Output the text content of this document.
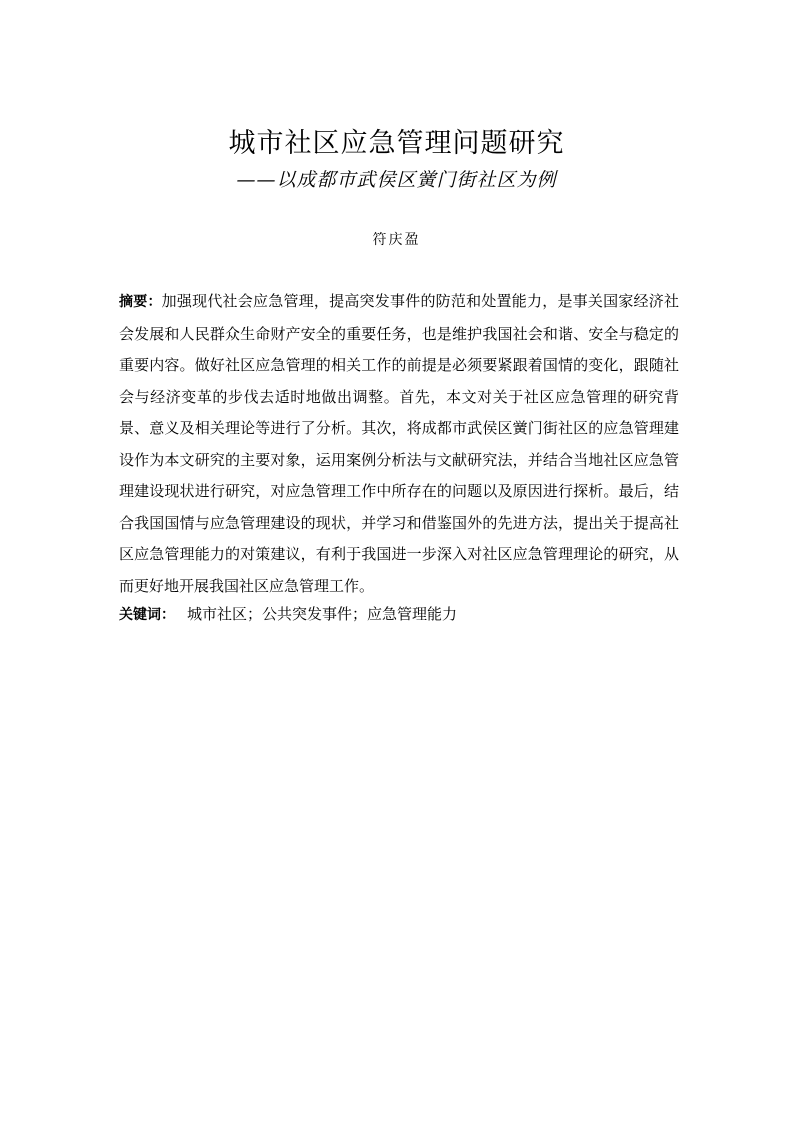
城市社区应急管理问题研究
——以成都市武侯区黉门街社区为例
符庆盈

摘要：加强现代社会应急管理，提高突发事件的防范和处置能力，是事关国家经济社会发展和人民群众生命财产安全的重要任务，也是维护我国社会和谐、安全与稳定的重要内容。做好社区应急管理的相关工作的前提是必须要紧跟着国情的变化，跟随社会与经济变革的步伐去适时地做出调整。首先，本文对关于社区应急管理的研究背景、意义及相关理论等进行了分析。其次，将成都市武侯区黉门街社区的应急管理建设作为本文研究的主要对象，运用案例分析法与文献研究法，并结合当地社区应急管理建设现状进行研究，对应急管理工作中所存在的问题以及原因进行探析。最后，结合我国国情与应急管理建设的现状，并学习和借鉴国外的先进方法，提出关于提高社区应急管理能力的对策建议，有利于我国进一步深入对社区应急管理理论的研究，从而更好地开展我国社区应急管理工作。

关键词： 城市社区；公共突发事件；应急管理能力
